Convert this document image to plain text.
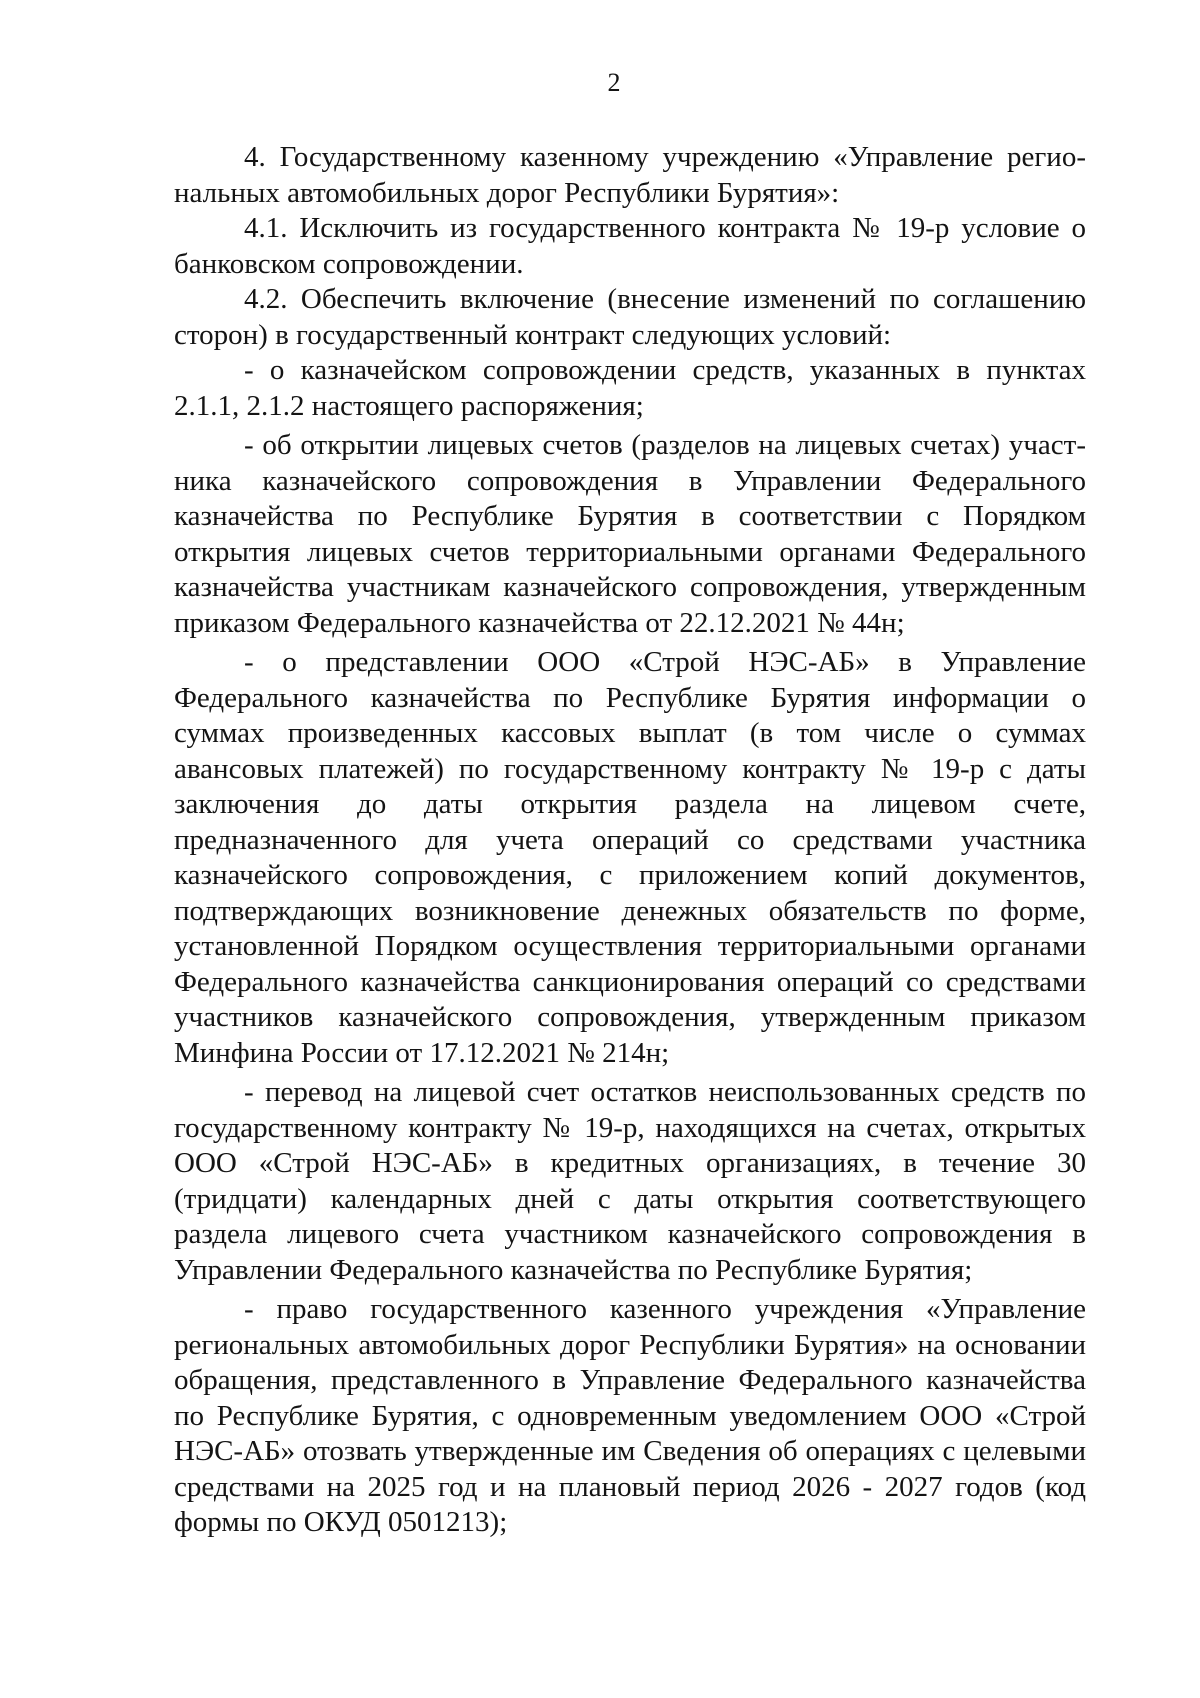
2

4. Государственному казенному учреждению «Управление региональных автомобильных дорог Республики Бурятия»:

4.1. Исключить из государственного контракта № 19-р условие о банковском сопровождении.

4.2. Обеспечить включение (внесение изменений по соглашению сторон) в государственный контракт следующих условий:

- о казначейском сопровождении средств, указанных в пунктах 2.1.1, 2.1.2 настоящего распоряжения;

- об открытии лицевых счетов (разделов на лицевых счетах) участника казначейского сопровождения в Управлении Федерального казначейства по Республике Бурятия в соответствии с Порядком открытия лицевых счетов территориальными органами Федерального казначейства участникам казначейского сопровождения, утвержденным приказом Федерального казначейства от 22.12.2021 № 44н;

- о представлении ООО «Строй НЭС-АБ» в Управление Федерального казначейства по Республике Бурятия информации о суммах произведенных кассовых выплат (в том числе о суммах авансовых платежей) по государственному контракту № 19-р с даты заключения до даты открытия раздела на лицевом счете, предназначенного для учета операций со средствами участника казначейского сопровождения, с приложением копий документов, подтверждающих возникновение денежных обязательств по форме, установленной Порядком осуществления территориальными органами Федерального казначейства санкционирования операций со средствами участников казначейского сопровождения, утвержденным приказом Минфина России от 17.12.2021 № 214н;

- перевод на лицевой счет остатков неиспользованных средств по государственному контракту № 19-р, находящихся на счетах, открытых ООО «Строй НЭС-АБ» в кредитных организациях, в течение 30 (тридцати) календарных дней с даты открытия соответствующего раздела лицевого счета участником казначейского сопровождения в Управлении Федерального казначейства по Республике Бурятия;

- право государственного казенного учреждения «Управление региональных автомобильных дорог Республики Бурятия» на основании обращения, представленного в Управление Федерального казначейства по Республике Бурятия, с одновременным уведомлением ООО «Строй НЭС-АБ» отозвать утвержденные им Сведения об операциях с целевыми средствами на 2025 год и на плановый период 2026 - 2027 годов (код формы по ОКУД 0501213);
